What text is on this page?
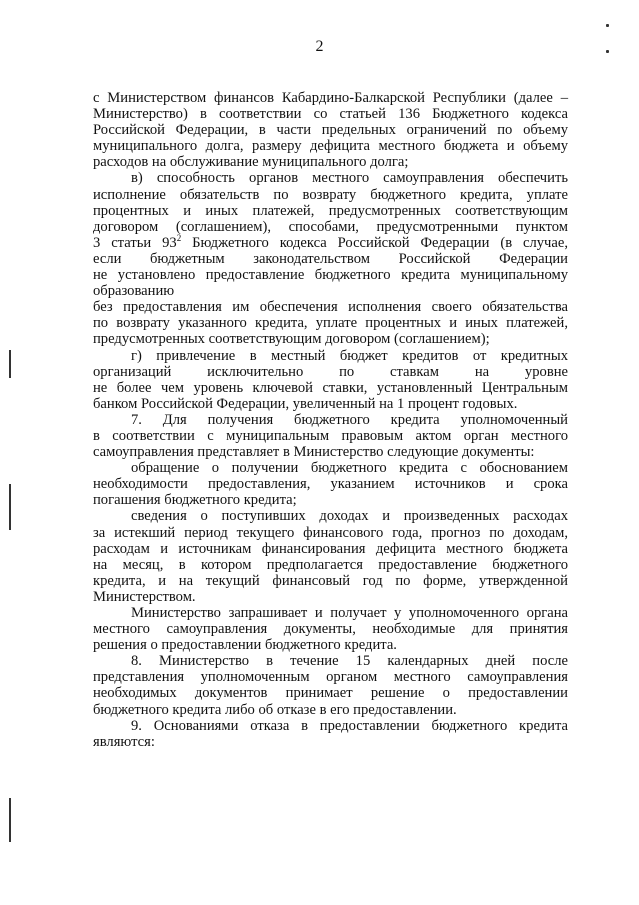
2

с Министерством финансов Кабардино-Балкарской Республики (далее –

Министерство) в соответствии со статьей 136 Бюджетного кодекса

Российской Федерации, в части предельных ограничений по объему

муниципального долга, размеру дефицита местного бюджета и объему

расходов на обслуживание муниципального долга;

в) способность органов местного самоуправления обеспечить

исполнение обязательств по возврату бюджетного кредита, уплате

процентных и иных платежей, предусмотренных соответствующим

договором (соглашением), способами, предусмотренными пунктом

3 статьи $93^2$ Бюджетного кодекса Российской Федерации (в случае,

если бюджетным законодательством Российской Федерации

не установлено предоставление бюджетного кредита муниципальному

образованию

без предоставления им обеспечения исполнения своего обязательства

по возврату указанного кредита, уплате процентных и иных платежей,

предусмотренных соответствующим договором (соглашением);

г) привлечение в местный бюджет кредитов от кредитных

организаций исключительно по ставкам на уровне

не более чем уровень ключевой ставки, установленный Центральным

банком Российской Федерации, увеличенный на 1 процент годовых.

7. Для получения бюджетного кредита уполномоченный

в соответствии с муниципальным правовым актом орган местного

самоуправления представляет в Министерство следующие документы:

обращение о получении бюджетного кредита с обоснованием

необходимости предоставления, указанием источников и срока

погашения бюджетного кредита;

сведения о поступивших доходах и произведенных расходах

за истекший период текущего финансового года, прогноз по доходам,

расходам и источникам финансирования дефицита местного бюджета

на месяц, в котором предполагается предоставление бюджетного

кредита, и на текущий финансовый год по форме, утвержденной

Министерством.

Министерство запрашивает и получает у уполномоченного органа

местного самоуправления документы, необходимые для принятия

решения о предоставлении бюджетного кредита.

8. Министерство в течение 15 календарных дней после

представления уполномоченным органом местного самоуправления

необходимых документов принимает решение о предоставлении

бюджетного кредита либо об отказе в его предоставлении.

9. Основаниями отказа в предоставлении бюджетного кредита

являются:
